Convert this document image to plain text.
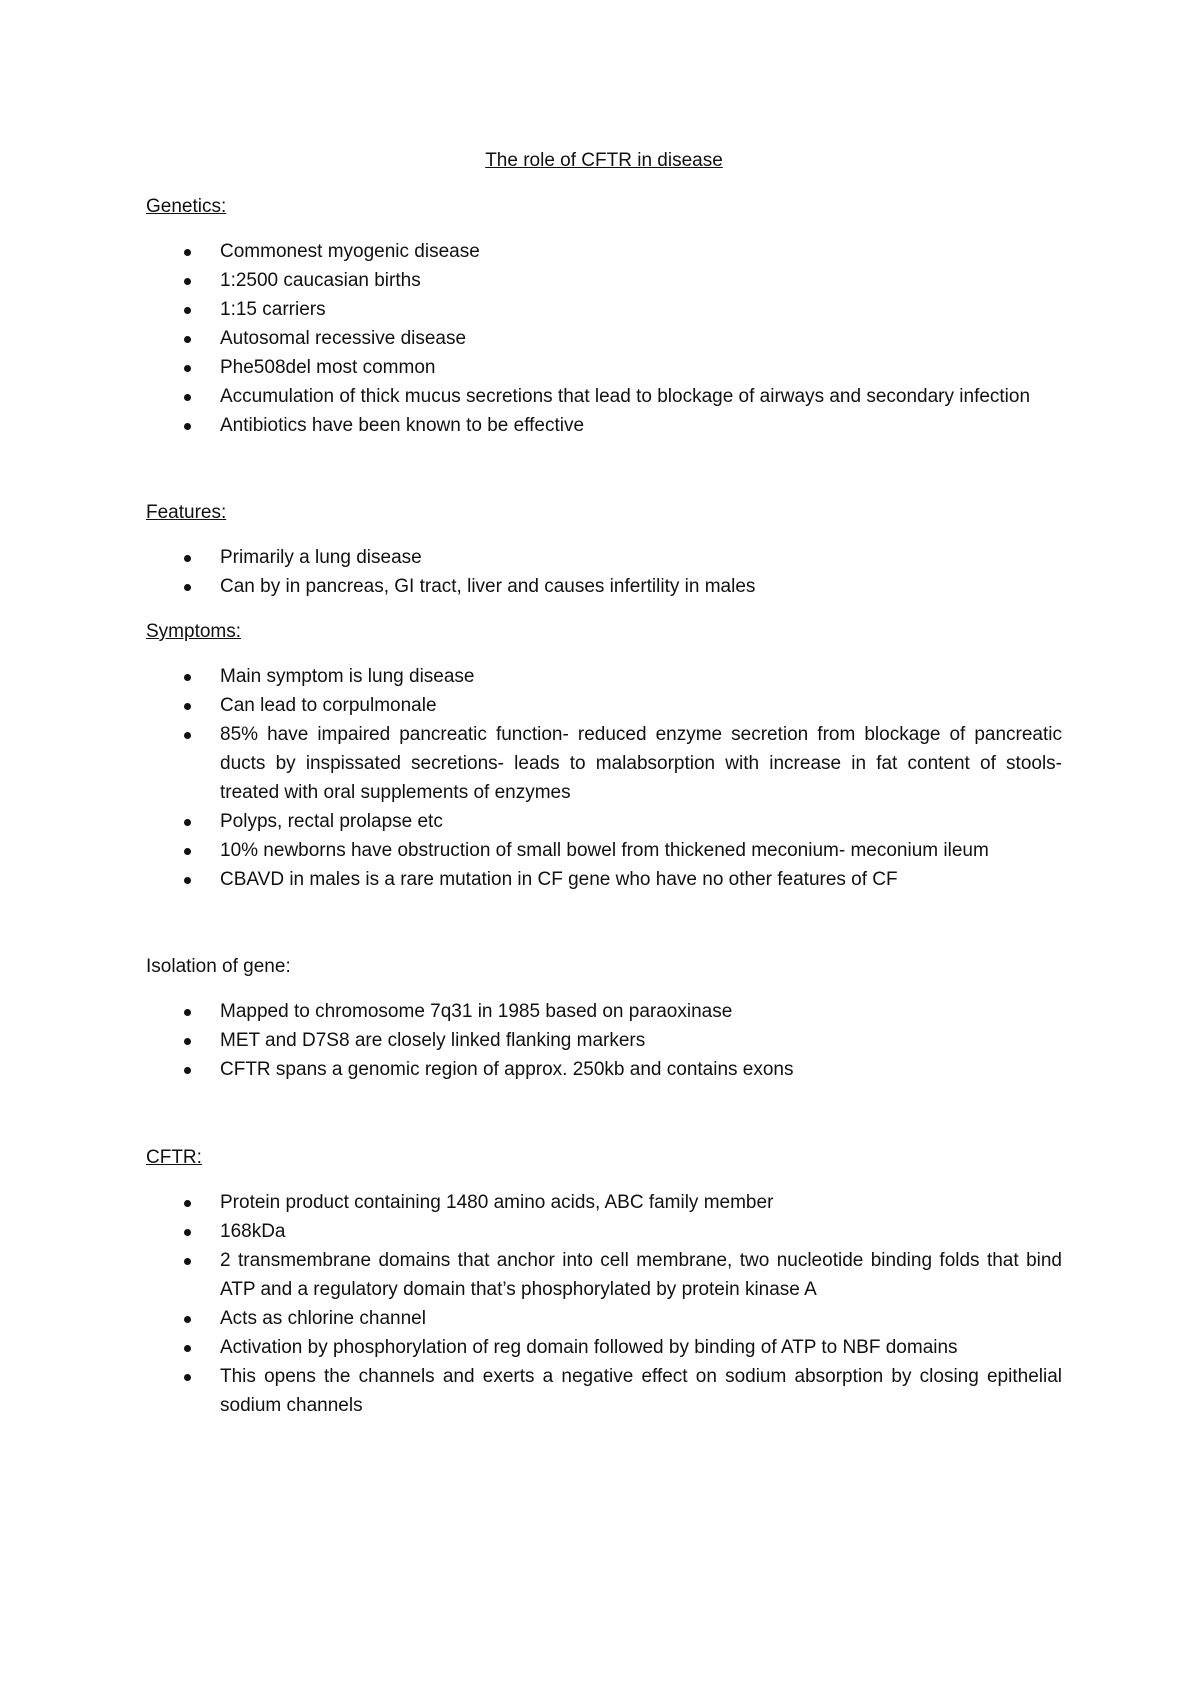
The role of CFTR in disease
Genetics:
Commonest myogenic disease
1:2500 caucasian births
1:15 carriers
Autosomal recessive disease
Phe508del most common
Accumulation of thick mucus secretions that lead to blockage of airways and secondary infection
Antibiotics have been known to be effective
Features:
Primarily a lung disease
Can by in pancreas, GI tract, liver and causes infertility in males
Symptoms:
Main symptom is lung disease
Can lead to corpulmonale
85% have impaired pancreatic function- reduced enzyme secretion from blockage of pancreatic ducts by inspissated secretions- leads to malabsorption with increase in fat content of stools- treated with oral supplements of enzymes
Polyps, rectal prolapse etc
10% newborns have obstruction of small bowel from thickened meconium- meconium ileum
CBAVD in males is a rare mutation in CF gene who have no other features of CF
Isolation of gene:
Mapped to chromosome 7q31 in 1985 based on paraoxinase
MET and D7S8 are closely linked flanking markers
CFTR spans a genomic region of approx. 250kb and contains exons
CFTR:
Protein product containing 1480 amino acids, ABC family member
168kDa
2 transmembrane domains that anchor into cell membrane, two nucleotide binding folds that bind ATP and a regulatory domain that’s phosphorylated by protein kinase A
Acts as chlorine channel
Activation by phosphorylation of reg domain followed by binding of ATP to NBF domains
This opens the channels and exerts a negative effect on sodium absorption by closing epithelial sodium channels
